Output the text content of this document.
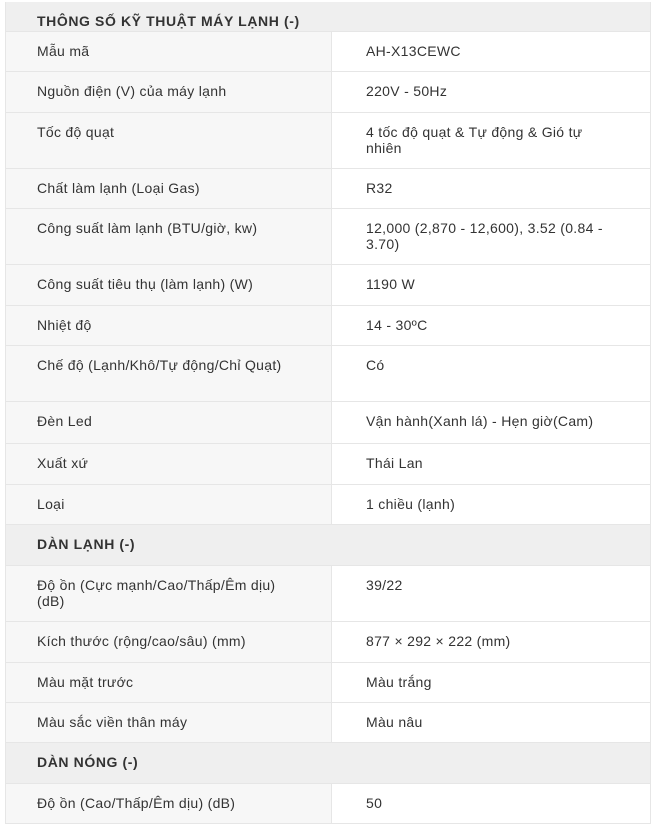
THÔNG SỐ KỸ THUẬT MÁY LẠNH (-)	
Mẫu mã	AH-X13CEWC
Nguồn điện (V) của máy lạnh	220V - 50Hz
Tốc độ quạt	4 tốc độ quạt & Tự động & Gió tự nhiên
Chất làm lạnh (Loại Gas)	R32
Công suất làm lạnh (BTU/giờ, kw)	12,000 (2,870 - 12,600), 3.52 (0.84 - 3.70)
Công suất tiêu thụ (làm lạnh) (W)	1190 W
Nhiệt độ	14 - 30ºC
Chế độ (Lạnh/Khô/Tự động/Chỉ Quạt)	Có
Đèn Led	Vận hành(Xanh lá) - Hẹn giờ(Cam)
Xuất xứ	Thái Lan
Loại	1 chiều (lạnh)
DÀN LẠNH (-)	
Độ ồn (Cực mạnh/Cao/Thấp/Êm dịu) (dB)	39/22
Kích thước (rộng/cao/sâu) (mm)	877 × 292 × 222 (mm)
Màu mặt trước	Màu trắng
Màu sắc viền thân máy	Màu nâu
DÀN NÓNG (-)	
Độ ồn (Cao/Thấp/Êm dịu) (dB)	50
